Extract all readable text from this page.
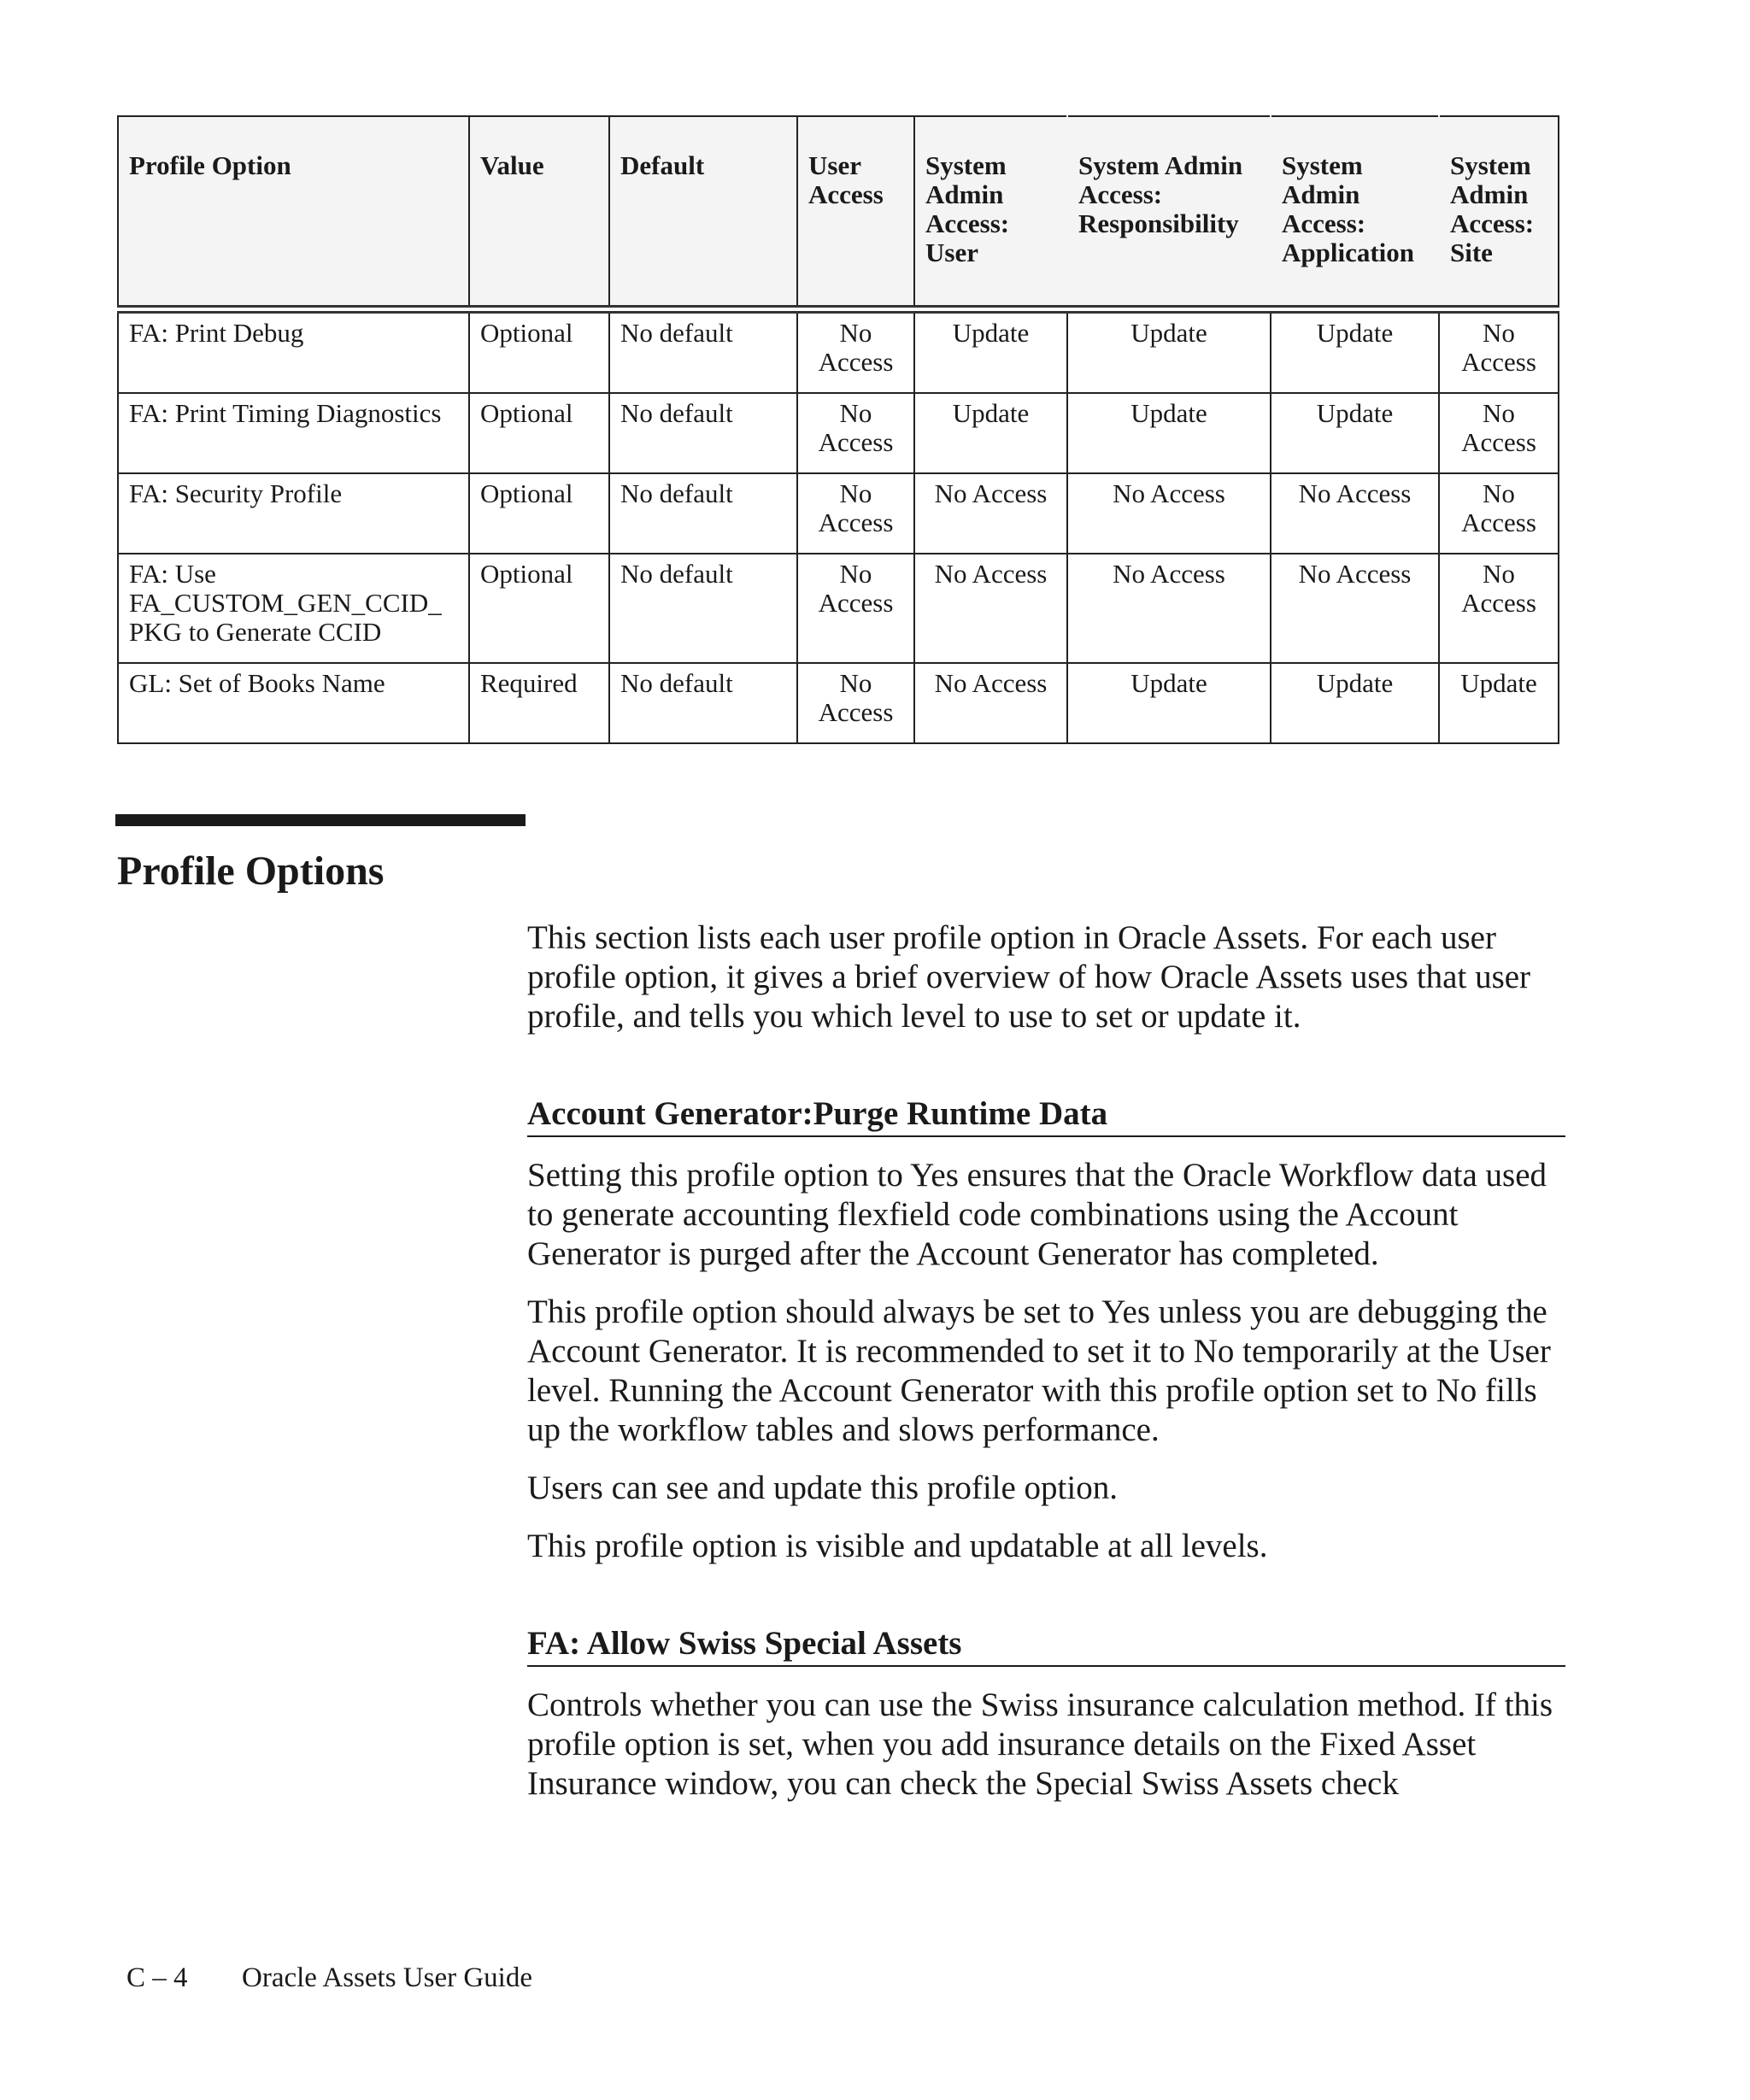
Profile Option	Value	Default	User Access	System Admin Access: User	System Admin Access: Responsibility	System Admin Access: Application	System Admin Access: Site
FA: Print Debug	Optional	No default	No Access	Update	Update	Update	No Access
FA: Print Timing Diagnostics	Optional	No default	No Access	Update	Update	Update	No Access
FA: Security Profile	Optional	No default	No Access	No Access	No Access	No Access	No Access
FA: Use FA_CUSTOM_GEN_CCID_ PKG to Generate CCID	Optional	No default	No Access	No Access	No Access	No Access	No Access
GL: Set of Books Name	Required	No default	No Access	No Access	Update	Update	Update
Profile Options

This section lists each user profile option in Oracle Assets. For each user profile option, it gives a brief overview of how Oracle Assets uses that user profile, and tells you which level to use to set or update it.

Account Generator:Purge Runtime Data

Setting this profile option to Yes ensures that the Oracle Workflow data used to generate accounting flexfield code combinations using the Account Generator is purged after the Account Generator has completed.

This profile option should always be set to Yes unless you are debugging the Account Generator. It is recommended to set it to No temporarily at the User level. Running the Account Generator with this profile option set to No fills up the workflow tables and slows performance.

Users can see and update this profile option.

This profile option is visible and updatable at all levels.

FA: Allow Swiss Special Assets

Controls whether you can use the Swiss insurance calculation method. If this profile option is set, when you add insurance details on the Fixed Asset Insurance window, you can check the Special Swiss Assets check

C – 4 Oracle Assets User Guide
